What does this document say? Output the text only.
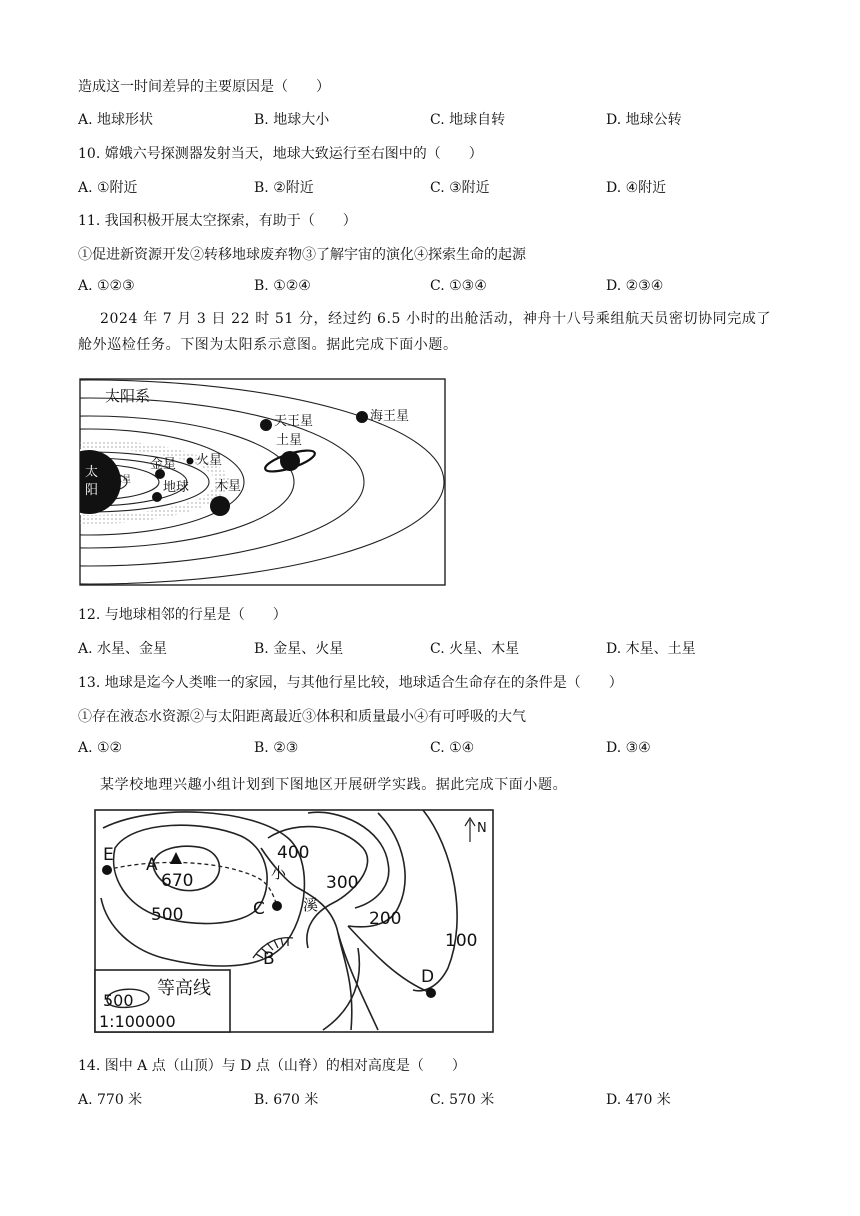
造成这一时间差异的主要原因是（　　）
A. 地球形状	B. 地球大小	C. 地球自转	D. 地球公转
10. 嫦娥六号探测器发射当天，地球大致运行至右图中的（　　）
A. ①附近	B. ②附近	C. ③附近	D. ④附近
11. 我国积极开展太空探索，有助于（　　）
①促进新资源开发②转移地球废弃物③了解宇宙的演化④探索生命的起源
A. ①②③	B. ①②④	C. ①③④	D. ②③④
2024 年 7 月 3 日 22 时 51 分，经过约 6.5 小时的出舱活动，神舟十八号乘组航天员密切协同完成了舱外巡检任务。下图为太阳系示意图。据此完成下面小题。
太阳系
太
阳
水星
金星
地球
火星
木星
土星
天王星	海王星
12. 与地球相邻的行星是（　　）
A. 水星、金星	B. 金星、火星	C. 火星、木星	D. 木星、土星
13. 地球是迄今人类唯一的家园，与其他行星比较，地球适合生命存在的条件是（　　）
①存在液态水资源②与太阳距离最近③体积和质量最小④有可呼吸的大气
A. ①②	B. ②③	C. ①④	D. ③④
某学校地理兴趣小组计划到下图地区开展研学实践。据此完成下面小题。
N
A
B
C
D
E
670
500
400
300
200
100
小
溪
500
等高线
1:100000
14. 图中 A 点（山顶）与 D 点（山脊）的相对高度是（　　）
A. 770 米	B. 670 米	C. 570 米	D. 470 米
